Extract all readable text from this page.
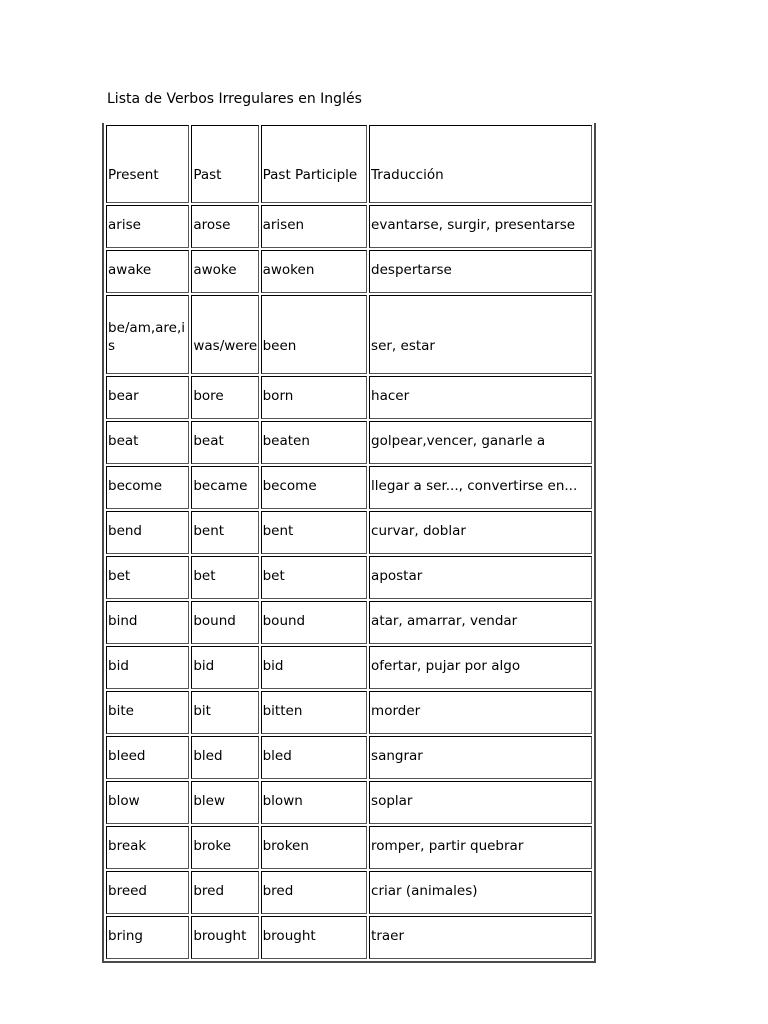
Lista de Verbos Irregulares en Inglés
Present	Past	Past Participle	Traducción

arise	arose	arisen	evantarse, surgir, presentarse

awake	awoke	awoken	despertarse

be/am,are,is	was/were	been	ser, estar

bear	bore	born	hacer

beat	beat	beaten	golpear,vencer, ganarle a

become	became	become	llegar a ser..., convertirse en...

bend	bent	bent	curvar, doblar

bet	bet	bet	apostar

bind	bound	bound	atar, amarrar, vendar

bid	bid	bid	ofertar, pujar por algo

bite	bit	bitten	morder

bleed	bled	bled	sangrar

blow	blew	blown	soplar

break	broke	broken	romper, partir quebrar

breed	bred	bred	criar (animales)

bring	brought	brought	traer
